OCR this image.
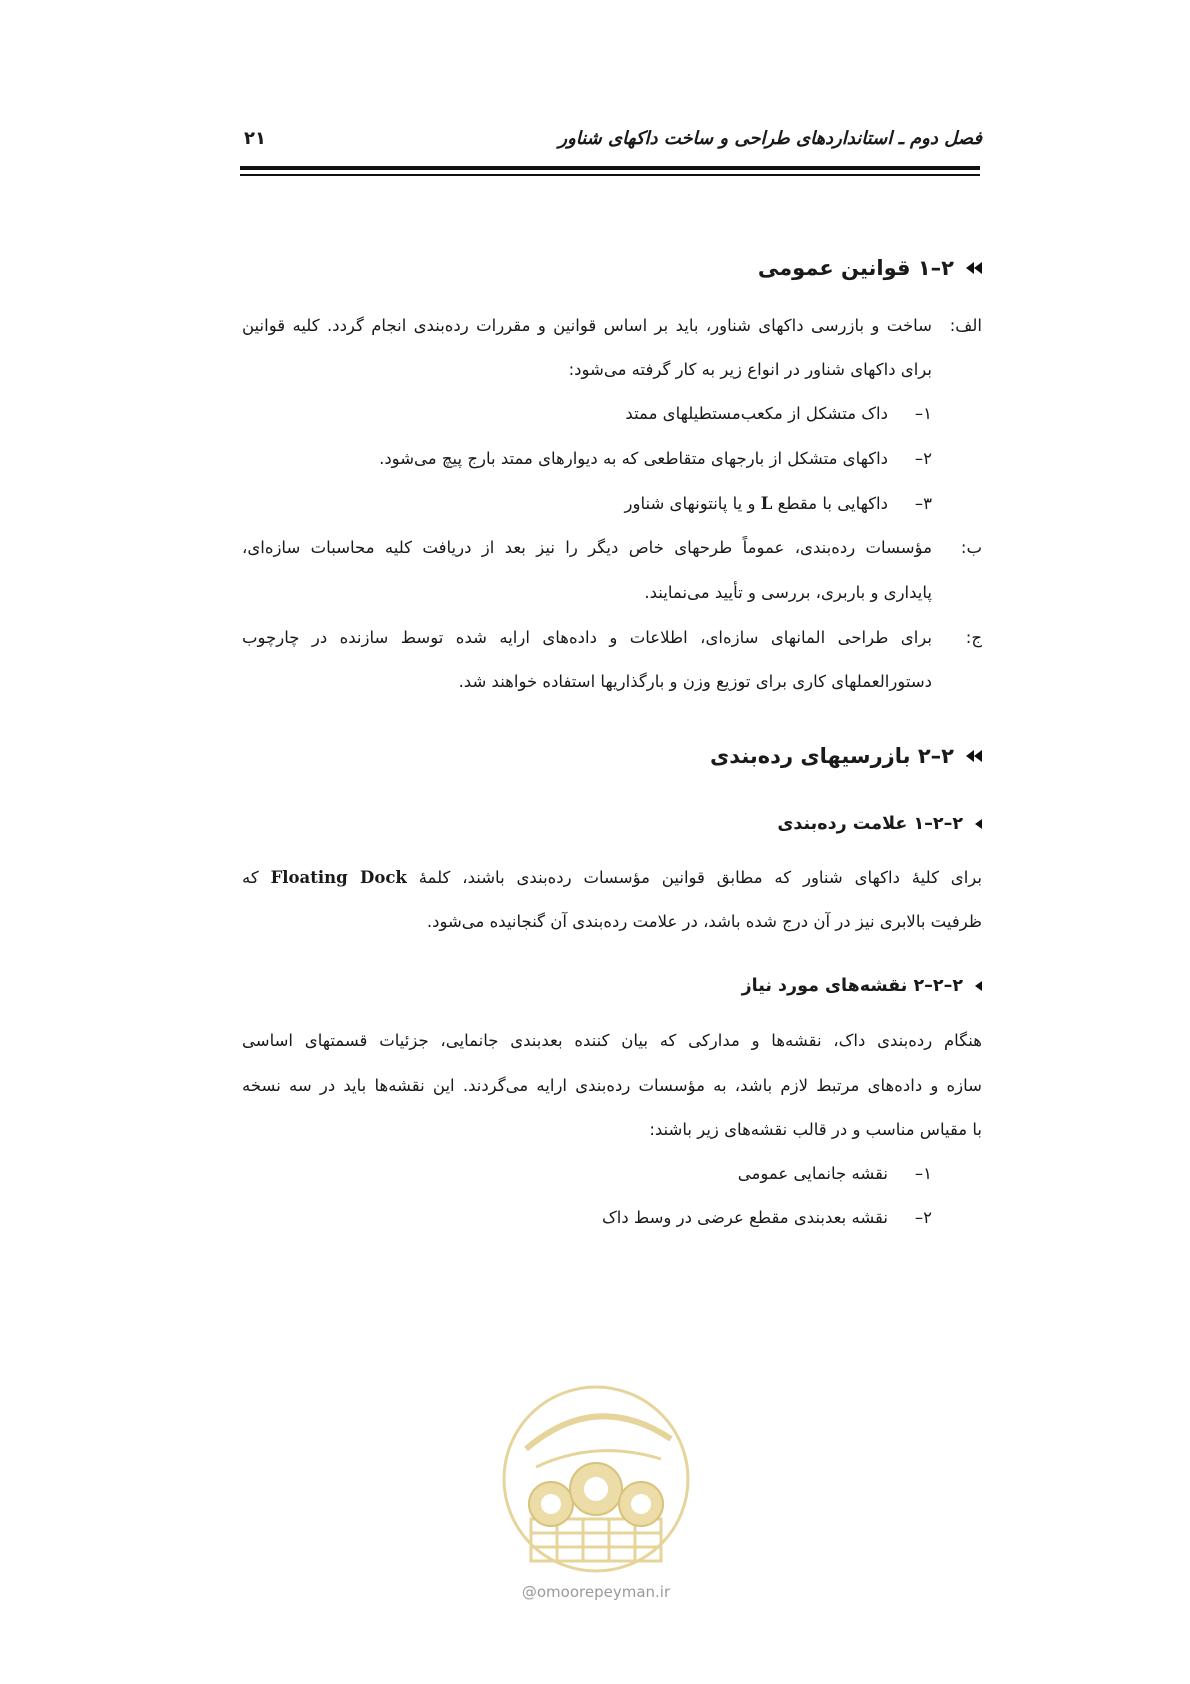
فصل دوم ـ استانداردهای طراحی و ساخت داکهای شناور
۲۱
۲–۱ قوانین عمومی
الف:
ساخت و بازرسی داکهای شناور، باید بر اساس قوانین و مقررات رده‌بندی انجام گردد. کلیه قوانین
برای داکهای شناور در انواع زیر به کار گرفته می‌شود:
۱–
داک متشکل از مکعب‌مستطیلهای ممتد
۲–
داکهای متشکل از بارجهای متقاطعی که به دیوارهای ممتد بارج پیچ می‌شود.
۳–
داکهایی با مقطع L و یا پانتونهای شناور
ب:
مؤسسات رده‌بندی، عموماً طرحهای خاص دیگر را نیز بعد از دریافت کلیه محاسبات سازه‌ای،
پایداری و باربری، بررسی و تأیید می‌نمایند.
ج:
برای طراحی المانهای سازه‌ای، اطلاعات و داده‌های ارایه شده توسط سازنده در چارچوب
دستورالعملهای کاری برای توزیع وزن و بارگذاریها استفاده خواهند شد.
۲–۲ بازرسیهای رده‌بندی
۲–۲–۱ علامت رده‌بندی
برای کلیهٔ داکهای شناور که مطابق قوانین مؤسسات رده‌بندی باشند، کلمهٔ Floating Dock که
ظرفیت بالابری نیز در آن درج شده باشد، در علامت رده‌بندی آن گنجانیده می‌شود.
۲–۲–۲ نقشه‌های مورد نیاز
هنگام رده‌بندی داک، نقشه‌ها و مدارکی که بیان کننده بعدبندی جانمایی، جزئیات قسمتهای اساسی
سازه و داده‌های مرتبط لازم باشد، به مؤسسات رده‌بندی ارایه می‌گردند. این نقشه‌ها باید در سه نسخه
با مقیاس مناسب و در قالب نقشه‌های زیر باشند:
۱–
نقشه جانمایی عمومی
۲–
نقشه بعدبندی مقطع عرضی در وسط داک
@omoorepeyman.ir
